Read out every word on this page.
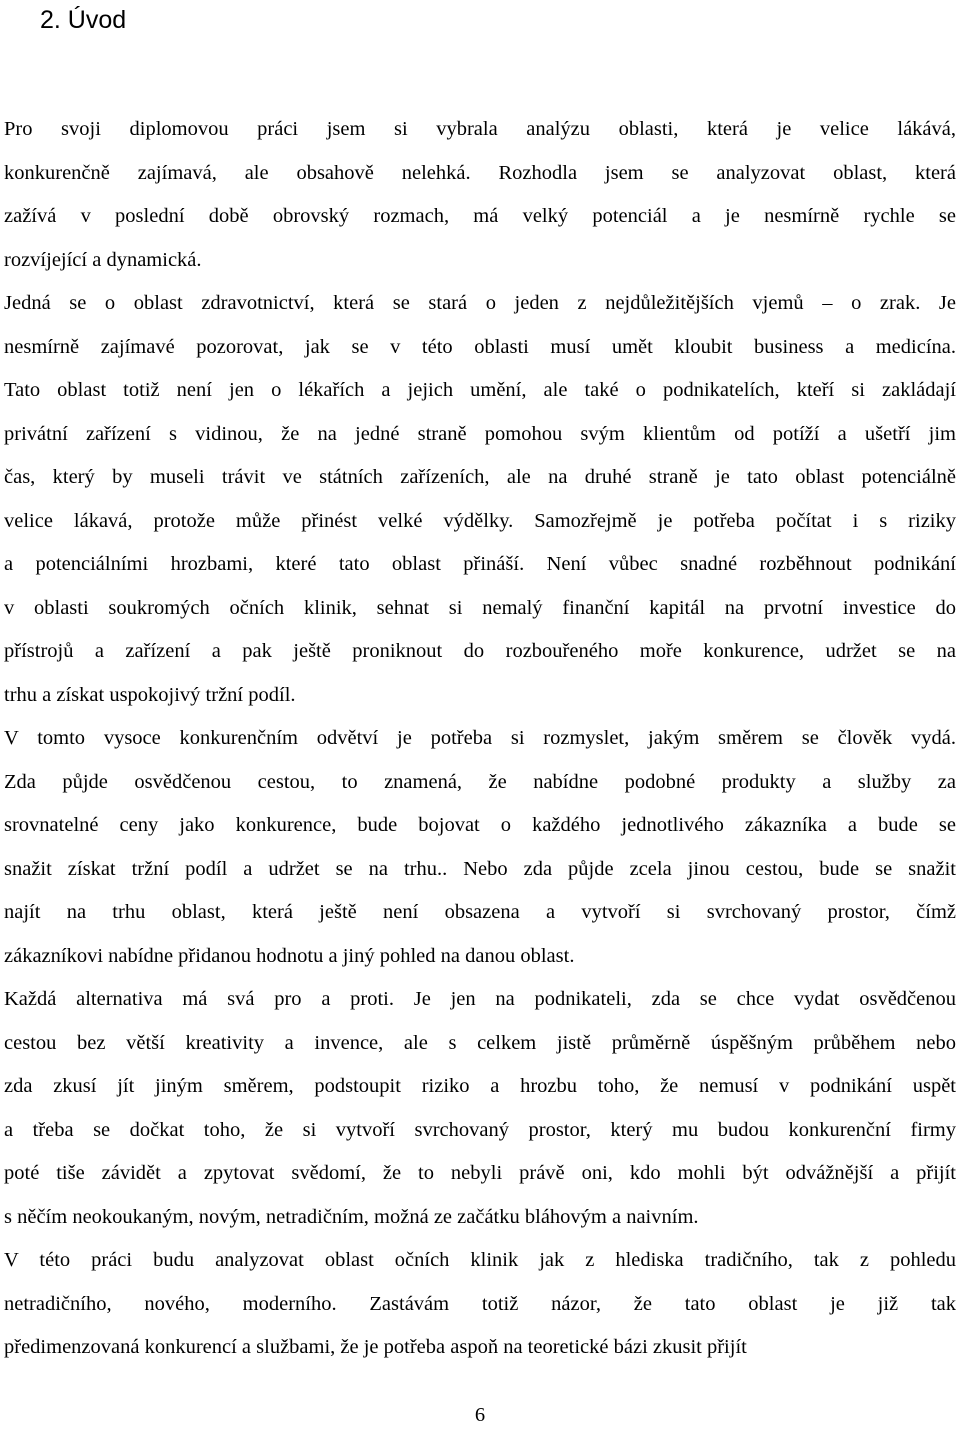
2. Úvod
Pro svoji diplomovou práci jsem si vybrala analýzu oblasti, která je velice lákává,
konkurenčně zajímavá, ale obsahově nelehká. Rozhodla jsem se analyzovat oblast, která
zažívá v poslední době obrovský rozmach, má velký potenciál a je nesmírně rychle se
rozvíjející a dynamická.
Jedná se o oblast zdravotnictví, která se stará o jeden z nejdůležitějších vjemů – o zrak. Je
nesmírně zajímavé pozorovat, jak se v této oblasti musí umět kloubit business a medicína.
Tato oblast totiž není jen o lékařích a jejich umění, ale také o podnikatelích, kteří si zakládají
privátní zařízení s vidinou, že na jedné straně pomohou svým klientům od potíží a ušetří jim
čas, který by museli trávit ve státních zařízeních, ale na druhé straně je tato oblast potenciálně
velice lákavá, protože může přinést velké výdělky. Samozřejmě je potřeba počítat i s riziky
a potenciálními hrozbami, které tato oblast přináší. Není vůbec snadné rozběhnout podnikání
v oblasti soukromých očních klinik, sehnat si nemalý finanční kapitál na prvotní investice do
přístrojů a zařízení a pak ještě proniknout do rozbouřeného moře konkurence, udržet se na
trhu a získat uspokojivý tržní podíl.
V tomto vysoce konkurenčním odvětví je potřeba si rozmyslet, jakým směrem se člověk vydá.
Zda půjde osvědčenou cestou, to znamená, že nabídne podobné produkty a služby za
srovnatelné ceny jako konkurence, bude bojovat o každého jednotlivého zákazníka a bude se
snažit získat tržní podíl a udržet se na trhu.. Nebo zda půjde zcela jinou cestou, bude se snažit
najít na trhu oblast, která ještě není obsazena a vytvoří si svrchovaný prostor, čímž
zákazníkovi nabídne přidanou hodnotu a jiný pohled na danou oblast.
Každá alternativa má svá pro a proti. Je jen na podnikateli, zda se chce vydat osvědčenou
cestou bez větší kreativity a invence, ale s celkem jistě průměrně úspěšným průběhem nebo
zda zkusí jít jiným směrem, podstoupit riziko a hrozbu toho, že nemusí v podnikání uspět
a třeba se dočkat toho, že si vytvoří svrchovaný prostor, který mu budou konkurenční firmy
poté tiše závidět a zpytovat svědomí, že to nebyli právě oni, kdo mohli být odvážnější a přijít
s něčím neokoukaným, novým, netradičním, možná ze začátku bláhovým a naivním.
V této práci budu analyzovat oblast očních klinik jak z hlediska tradičního, tak z pohledu
netradičního, nového, moderního. Zastávám totiž názor, že tato oblast je již tak
předimenzovaná konkurencí a službami, že je potřeba aspoň na teoretické bázi zkusit přijít
6
